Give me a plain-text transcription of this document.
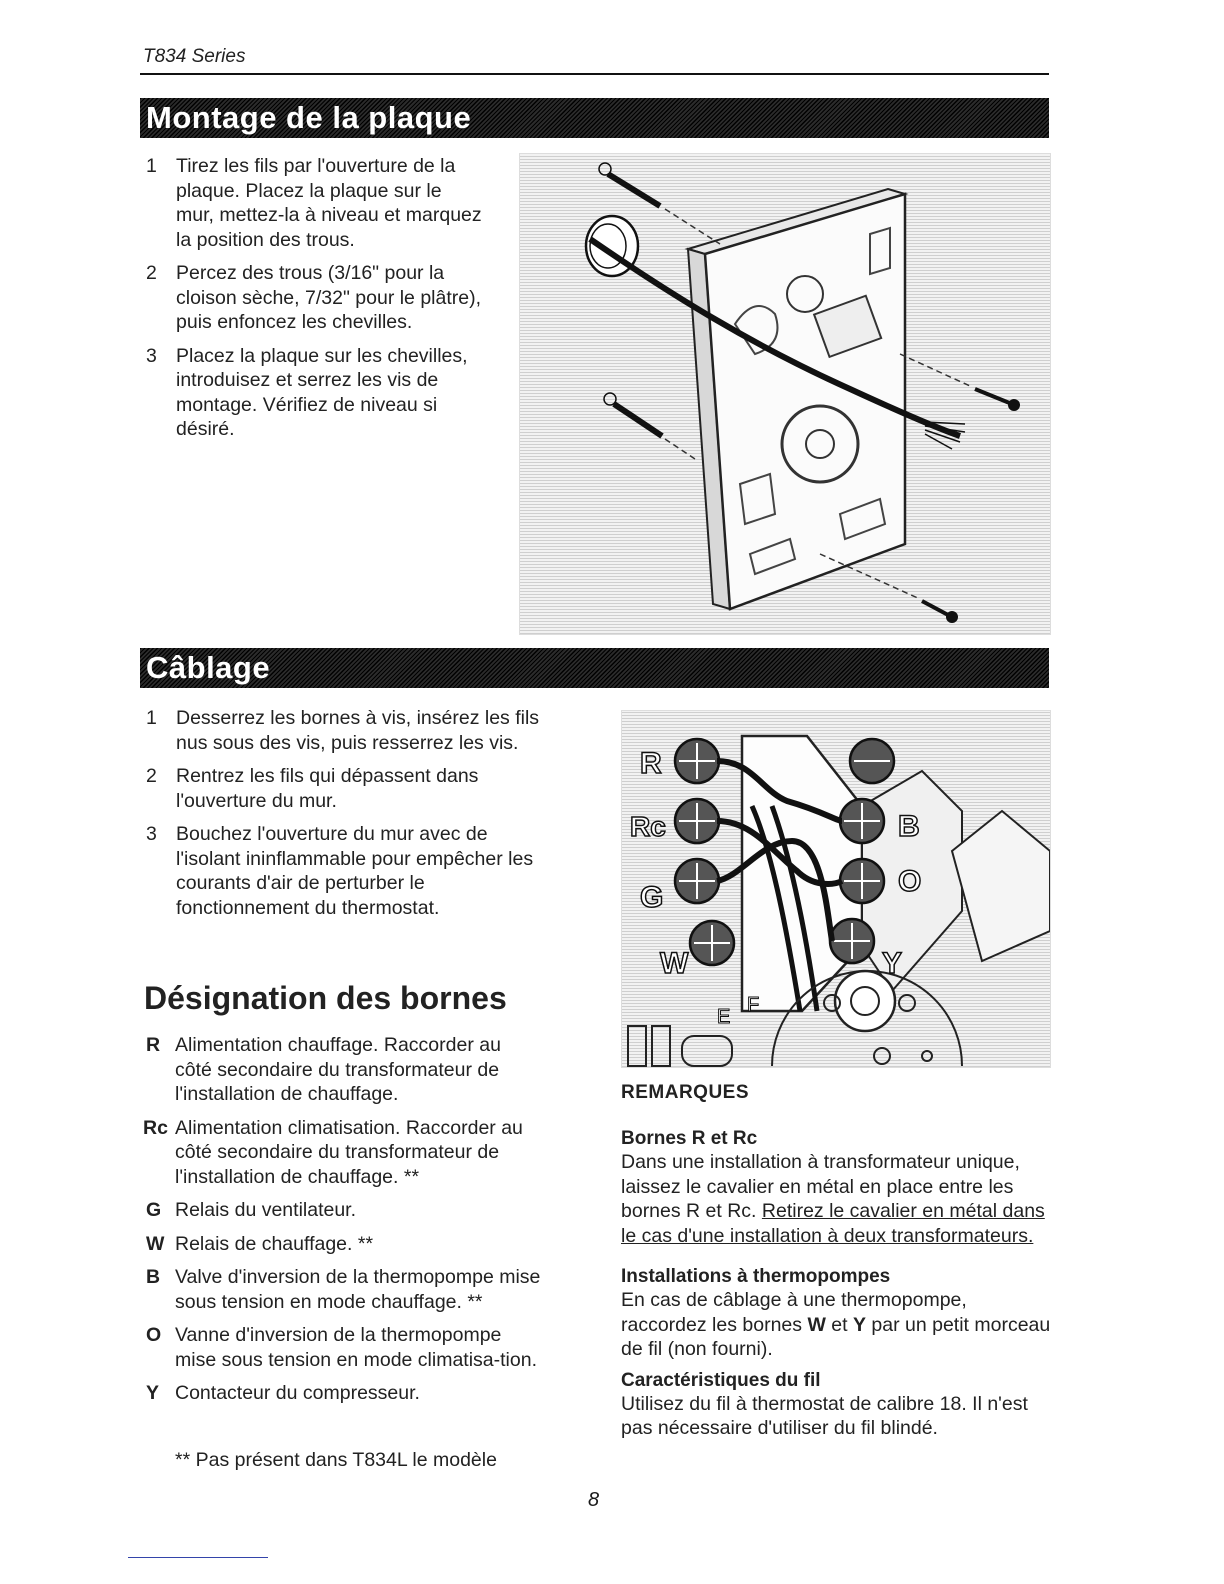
T834 Series
Montage de la plaque
1 Tirez les fils par l'ouverture de la plaque. Placez la plaque sur le mur, mettez-la à niveau et marquez la position des trous.
2 Percez des trous (3/16" pour la cloison sèche, 7/32" pour le plâtre), puis enfoncez les chevilles.
3 Placez la plaque sur les chevilles, introduisez et serrez les vis de montage. Vérifiez de niveau si désiré.
Câblage
1 Desserrez les bornes à vis, insérez les fils nus sous des vis, puis resserrez les vis.
2 Rentrez les fils qui dépassent dans l'ouverture du mur.
3 Bouchez l'ouverture du mur avec de l'isolant ininflammable pour empêcher les courants d'air de perturber le fonctionnement du thermostat.
R
Rc
G
W
B
O
Y
E
F
Désignation des bornes
R Alimentation chauffage. Raccorder au côté secondaire du transformateur de l'installation de chauffage.
Rc Alimentation climatisation. Raccorder au côté secondaire du transformateur de l'installation de chauffage. **
G Relais du ventilateur.
W Relais de chauffage. **
B Valve d'inversion de la thermopompe mise sous tension en mode chauffage. **
O Vanne d'inversion de la thermopompe mise sous tension en mode climatisa-tion.
Y Contacteur du compresseur.
** Pas présent dans T834L le modèle
REMARQUES
Bornes R et Rc
Dans une installation à transformateur unique, laissez le cavalier en métal en place entre les bornes R et Rc. Retirez le cavalier en métal dans le cas d'une installation à deux transformateurs.
Installations à thermopompes
En cas de câblage à une thermopompe, raccordez les bornes W et Y par un petit morceau de fil (non fourni).
Caractéristiques du fil
Utilisez du fil à thermostat de calibre 18. Il n'est pas nécessaire d'utiliser du fil blindé.
8
